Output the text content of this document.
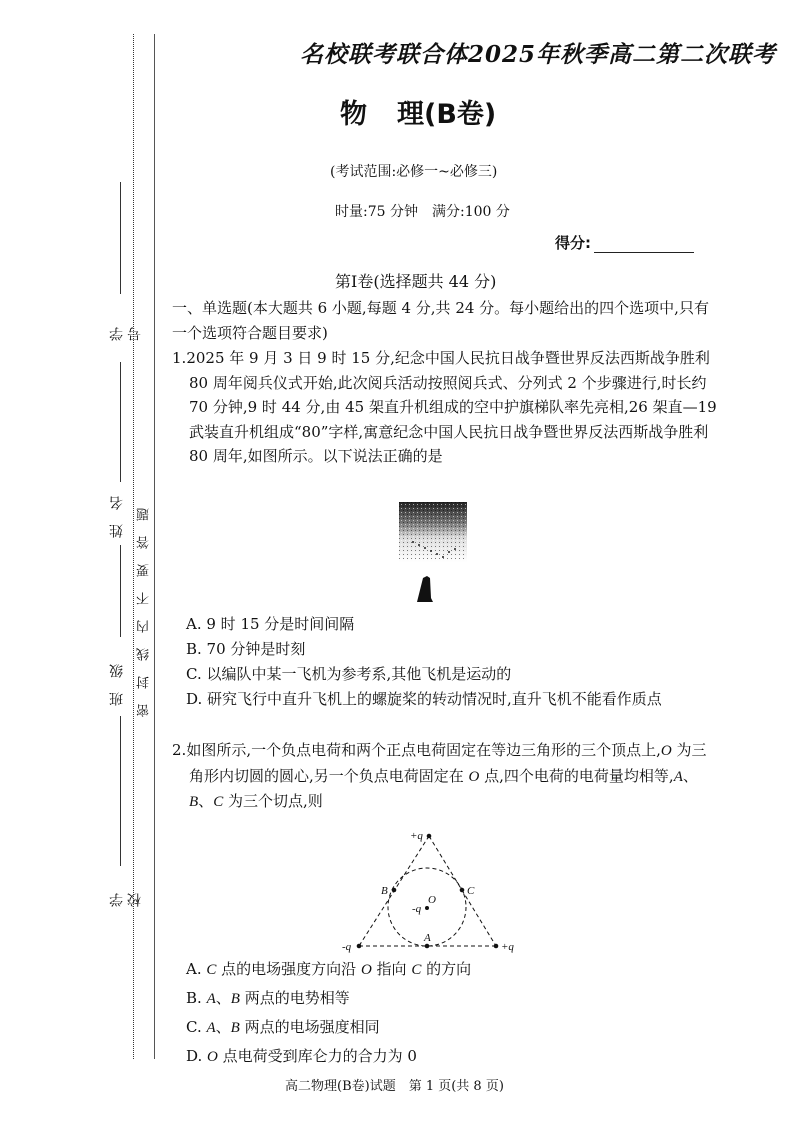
学号
姓名
班级
学校
密封线内不要答题
名校联考联合体2025年秋季高二第二次联考
物 理(B卷)
(考试范围:必修一~必修三)
时量:75 分钟　满分:100 分
得分:
第Ⅰ卷(选择题共 44 分)
一、单选题(本大题共 6 小题,每题 4 分,共 24 分。每小题给出的四个选项中,只有一个选项符合题目要求)
1.2025 年 9 月 3 日 9 时 15 分,纪念中国人民抗日战争暨世界反法西斯战争胜利 80 周年阅兵仪式开始,此次阅兵活动按照阅兵式、分列式 2 个步骤进行,时长约 70 分钟,9 时 44 分,由 45 架直升机组成的空中护旗梯队率先亮相,26 架直—19 武装直升机组成“80”字样,寓意纪念中国人民抗日战争暨世界反法西斯战争胜利 80 周年,如图所示。以下说法正确的是
A. 9 时 15 分是时间间隔
B. 70 分钟是时刻
C. 以编队中某一飞机为参考系,其他飞机是运动的
D. 研究飞行中直升飞机上的螺旋桨的转动情况时,直升飞机不能看作质点
2.如图所示,一个负点电荷和两个正点电荷固定在等边三角形的三个顶点上,O 为三角形内切圆的圆心,另一个负点电荷固定在 O 点,四个电荷的电荷量均相等,A、B、C 为三个切点,则
+q
-q	+q
-q
O
A
B	C
A. C 点的电场强度方向沿 O 指向 C 的方向
B. A、B 两点的电势相等
C. A、B 两点的电场强度相同
D. O 点电荷受到库仑力的合力为 0
高二物理(B卷)试题　第 1 页(共 8 页)
